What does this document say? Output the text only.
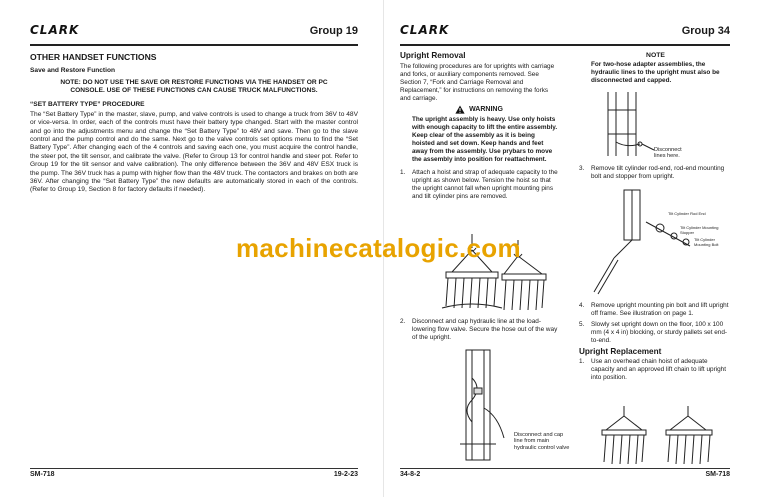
CLARK	Group 19
OTHER HANDSET FUNCTIONS
Save and Restore Function
NOTE: DO NOT USE THE SAVE OR RESTORE FUNCTIONS VIA THE HANDSET OR PC CONSOLE. USE OF THESE FUNCTIONS CAN CAUSE TRUCK MALFUNCTIONS.
“SET BATTERY TYPE” PROCEDURE
The “Set Battery Type” in the master, slave, pump, and valve controls is used to change a truck from 36V to 48V or vice-versa. In order, each of the controls must have their battery type changed. Start with the master control and go into the adjustments menu and change the “Set Battery Type” to 48V and save. Then go to the slave control and the pump control and do the same. Next go to the valve controls set options menu to find the “Set Battery Type”. After changing each of the 4 controls and saving each one, you must acquire the control handle, the steer pot, the tilt sensor, and calibrate the valve. (Refer to Group 13 for control handle and steer pot. Refer to Group 19 for the tilt sensor and valve calibration). The only difference between the 36V and 48V ESX truck is the pump. The 36V truck has a pump with higher flow than the 48V truck. The contactors and brakes on both are 36V. After changing the “Set Battery Type” the new defaults are automatically stored in each of the controls. (Refer to Group 19, Section 8 for factory defaults if needed).
SM-718	19-2-23
CLARK	Group 34
Upright Removal
The following procedures are for uprights with carriage and forks, or auxiliary components removed. See Section 7, “Fork and Carriage Removal and Replacement,” for instructions on removing the forks and carriage.
WARNING
The upright assembly is heavy. Use only hoists with enough capacity to lift the entire assembly. Keep clear of the assembly as it is being hoisted and set down. Keep hands and feet away from the assembly. Use prybars to move the assembly into position for reattachment.
1.	Attach a hoist and strap of adequate capacity to the upright as shown below. Tension the hoist so that the upright cannot fall when upright mounting pins and tilt cylinder pins are removed.
2.	Disconnect and cap hydraulic line at the load-lowering flow valve. Secure the hose out of the way of the upright.
Disconnect and cap line from main hydraulic control valve
NOTE
For two-hose adapter assemblies, the hydraulic lines to the upright must also be disconnected and capped.
Disconnect lines here.
3.	Remove tilt cylinder rod-end, rod-end mounting bolt and stopper from upright.
Tilt Cylinder Rod End
Tilt Cylinder Mounting Stopper
Tilt Cylinder Mounting Bolt
4.	Remove upright mounting pin bolt and lift upright off frame. See illustration on page 1.
5.	Slowly set upright down on the floor, 100 x 100 mm (4 x 4 in) blocking, or sturdy pallets set end-to-end.
Upright Replacement
1.	Use an overhead chain hoist of adequate capacity and an approved lift chain to lift upright into position.
34-8-2	SM-718
machinecatalogic.com
